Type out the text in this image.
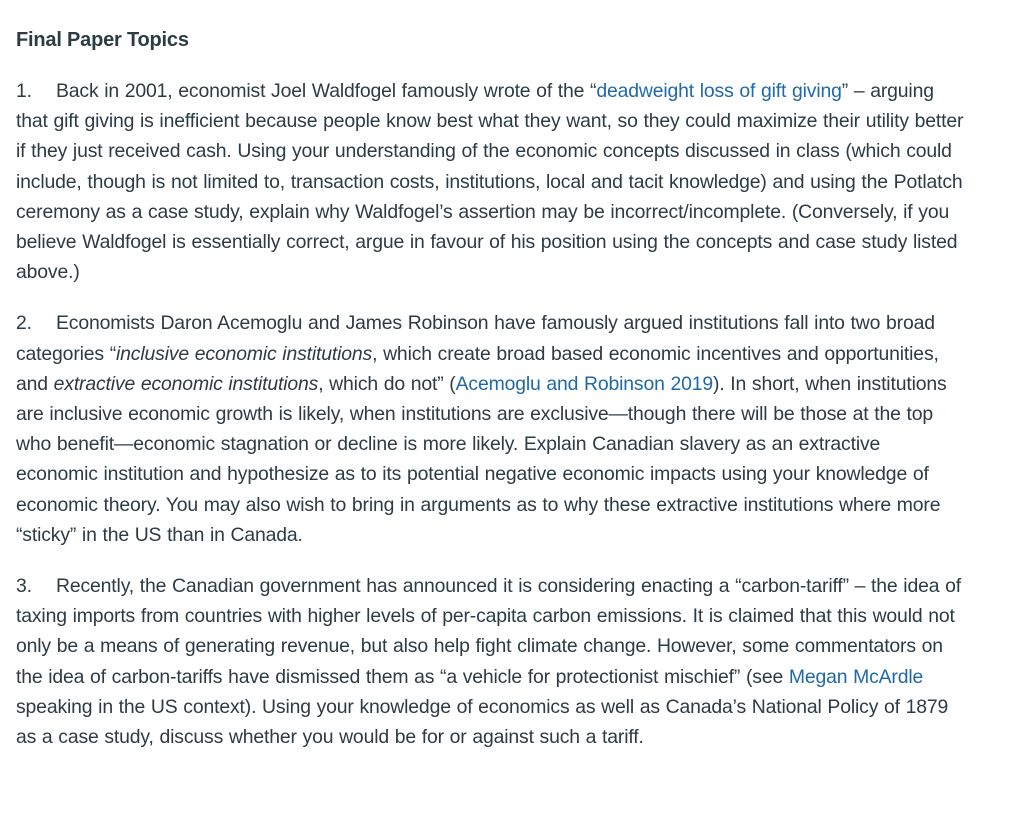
Final Paper Topics

1. Back in 2001, economist Joel Waldfogel famously wrote of the “deadweight loss of gift giving” – arguing that gift giving is inefficient because people know best what they want, so they could maximize their utility better if they just received cash. Using your understanding of the economic concepts discussed in class (which could include, though is not limited to, transaction costs, institutions, local and tacit knowledge) and using the Potlatch ceremony as a case study, explain why Waldfogel’s assertion may be incorrect/incomplete. (Conversely, if you believe Waldfogel is essentially correct, argue in favour of his position using the concepts and case study listed above.)

2. Economists Daron Acemoglu and James Robinson have famously argued institutions fall into two broad categories “inclusive economic institutions, which create broad based economic incentives and opportunities, and extractive economic institutions, which do not” (Acemoglu and Robinson 2019). In short, when institutions are inclusive economic growth is likely, when institutions are exclusive—though there will be those at the top who benefit—economic stagnation or decline is more likely. Explain Canadian slavery as an extractive economic institution and hypothesize as to its potential negative economic impacts using your knowledge of economic theory. You may also wish to bring in arguments as to why these extractive institutions where more “sticky” in the US than in Canada.

3. Recently, the Canadian government has announced it is considering enacting a “carbon-tariff” – the idea of taxing imports from countries with higher levels of per-capita carbon emissions. It is claimed that this would not only be a means of generating revenue, but also help fight climate change. However, some commentators on the idea of carbon-tariffs have dismissed them as “a vehicle for protectionist mischief” (see Megan McArdle speaking in the US context). Using your knowledge of economics as well as Canada’s National Policy of 1879 as a case study, discuss whether you would be for or against such a tariff.
